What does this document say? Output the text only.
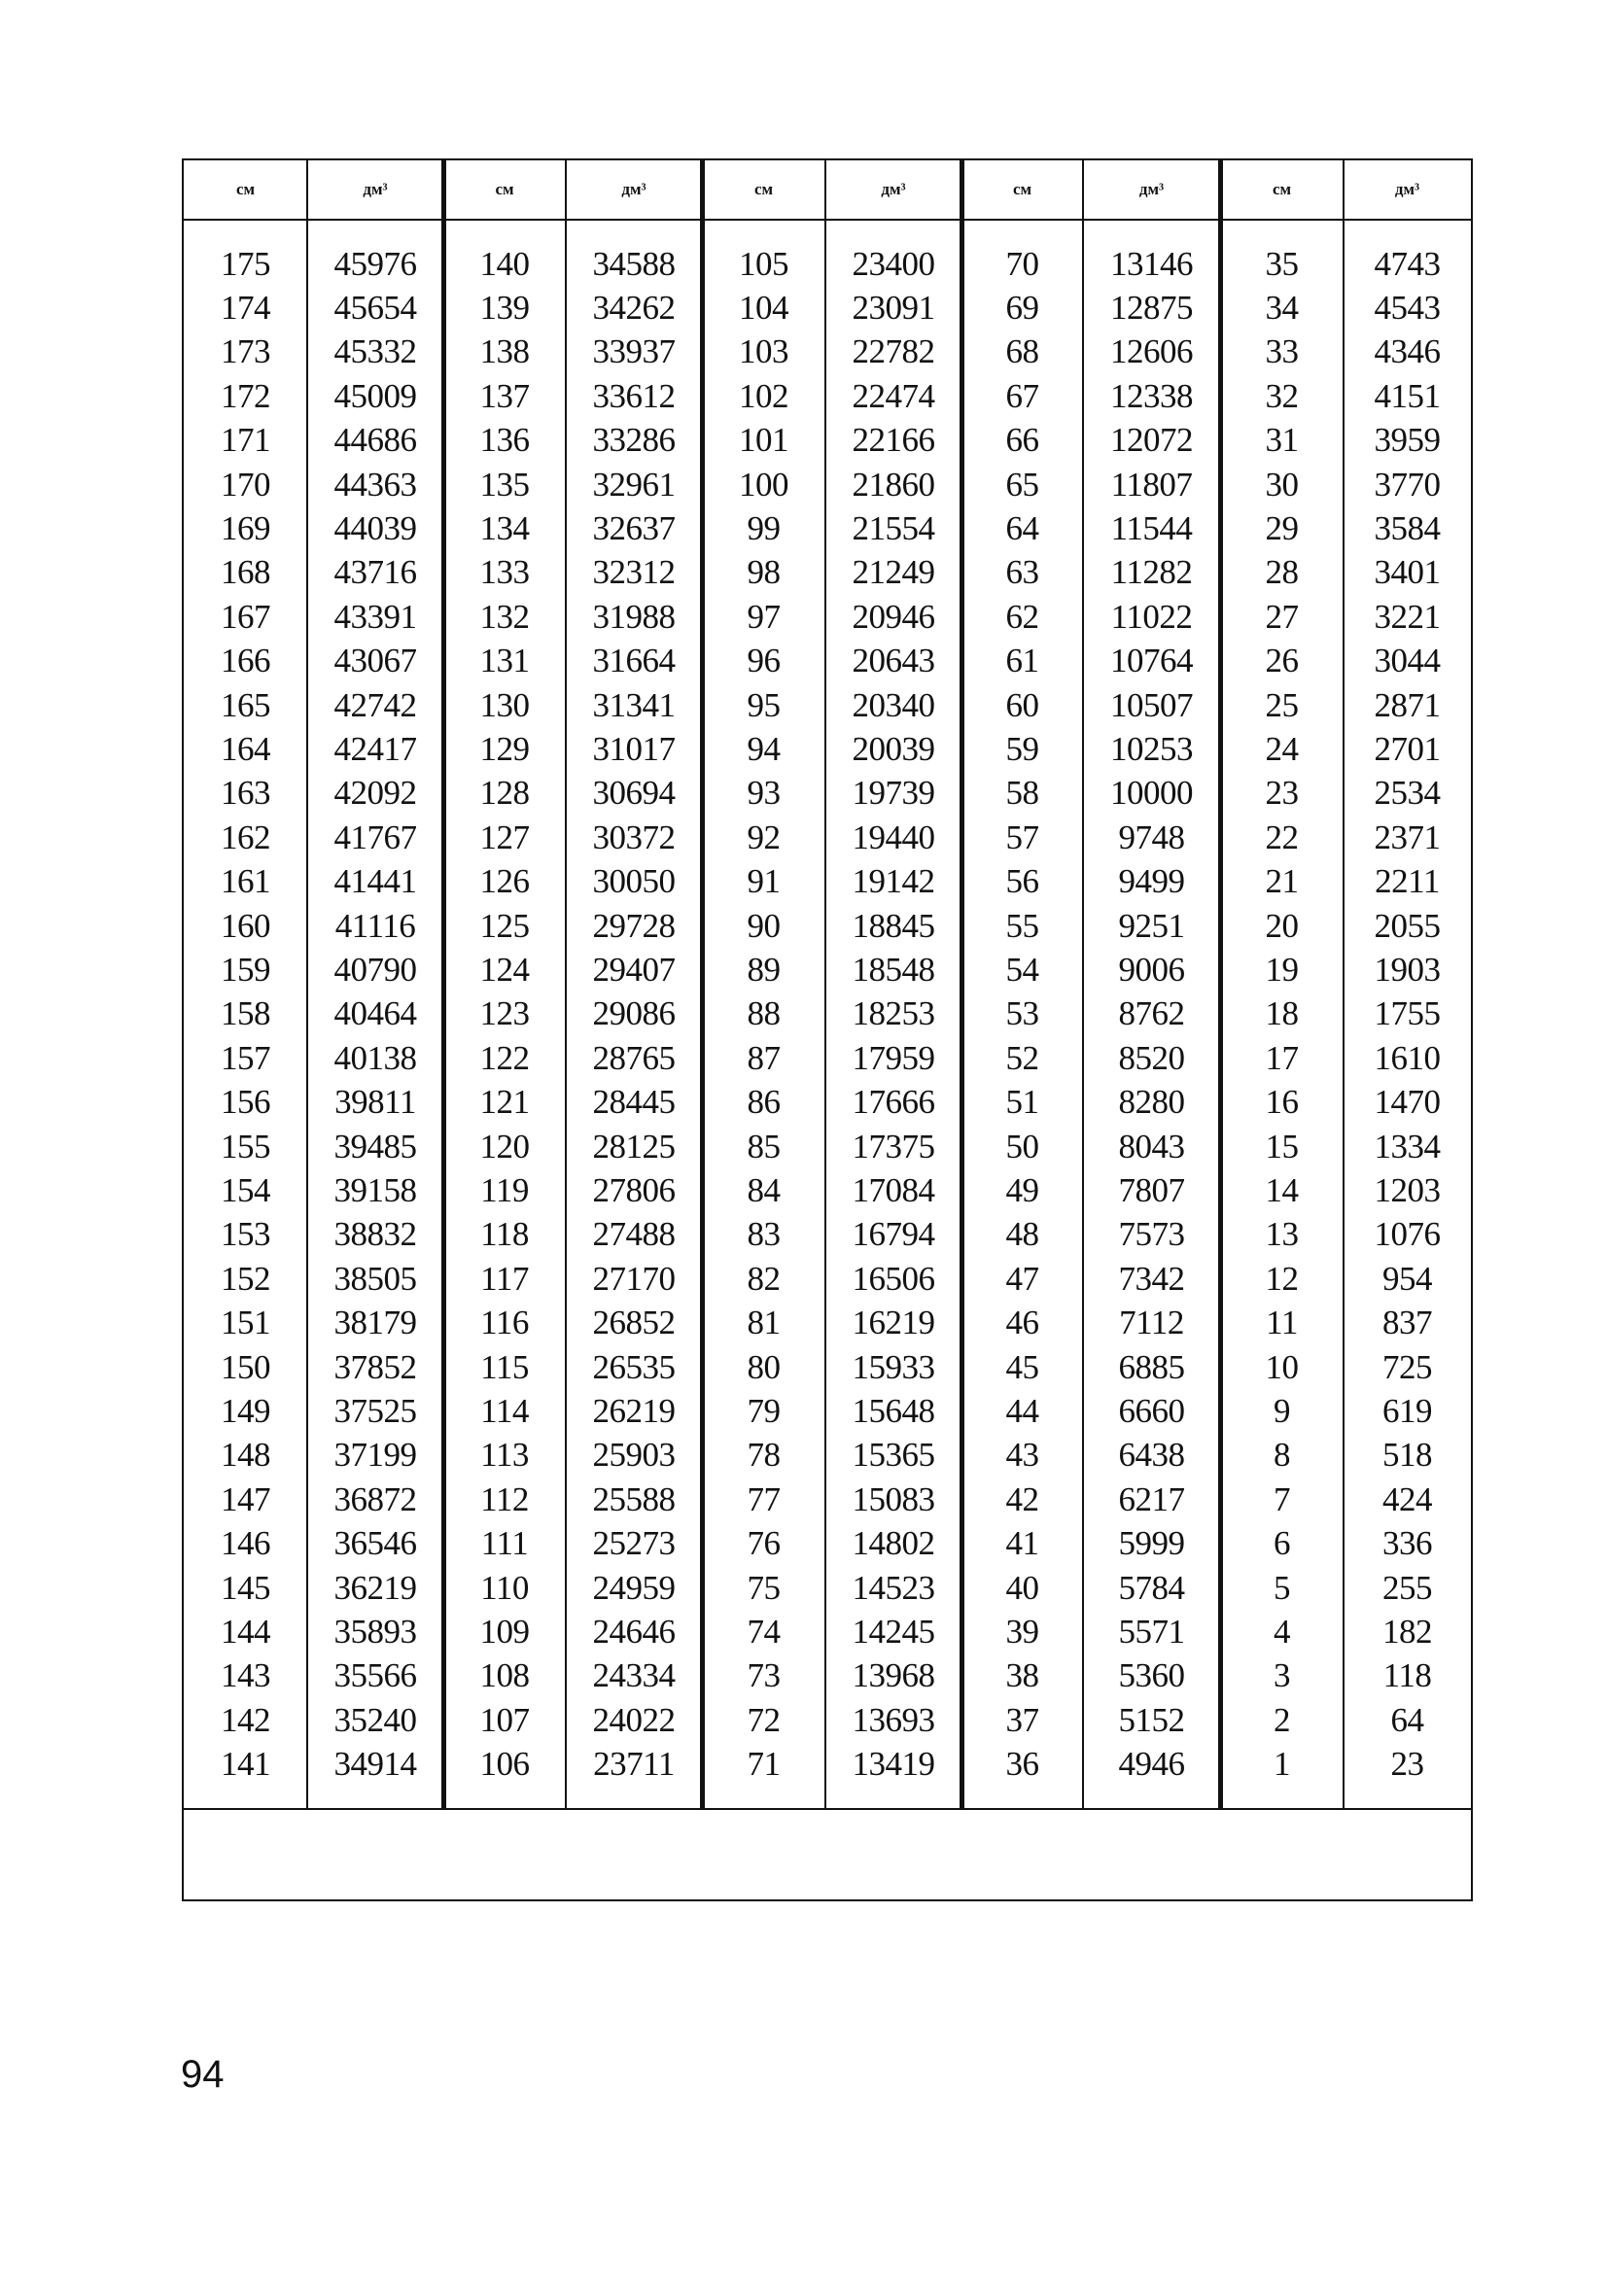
см	дм³	см	дм³	см	дм³	см	дм³	см	дм³
175	45976	140	34588	105	23400	70	13146	35	4743
174	45654	139	34262	104	23091	69	12875	34	4543
173	45332	138	33937	103	22782	68	12606	33	4346
172	45009	137	33612	102	22474	67	12338	32	4151
171	44686	136	33286	101	22166	66	12072	31	3959
170	44363	135	32961	100	21860	65	11807	30	3770
169	44039	134	32637	99	21554	64	11544	29	3584
168	43716	133	32312	98	21249	63	11282	28	3401
167	43391	132	31988	97	20946	62	11022	27	3221
166	43067	131	31664	96	20643	61	10764	26	3044
165	42742	130	31341	95	20340	60	10507	25	2871
164	42417	129	31017	94	20039	59	10253	24	2701
163	42092	128	30694	93	19739	58	10000	23	2534
162	41767	127	30372	92	19440	57	9748	22	2371
161	41441	126	30050	91	19142	56	9499	21	2211
160	41116	125	29728	90	18845	55	9251	20	2055
159	40790	124	29407	89	18548	54	9006	19	1903
158	40464	123	29086	88	18253	53	8762	18	1755
157	40138	122	28765	87	17959	52	8520	17	1610
156	39811	121	28445	86	17666	51	8280	16	1470
155	39485	120	28125	85	17375	50	8043	15	1334
154	39158	119	27806	84	17084	49	7807	14	1203
153	38832	118	27488	83	16794	48	7573	13	1076
152	38505	117	27170	82	16506	47	7342	12	954
151	38179	116	26852	81	16219	46	7112	11	837
150	37852	115	26535	80	15933	45	6885	10	725
149	37525	114	26219	79	15648	44	6660	9	619
148	37199	113	25903	78	15365	43	6438	8	518
147	36872	112	25588	77	15083	42	6217	7	424
146	36546	111	25273	76	14802	41	5999	6	336
145	36219	110	24959	75	14523	40	5784	5	255
144	35893	109	24646	74	14245	39	5571	4	182
143	35566	108	24334	73	13968	38	5360	3	118
142	35240	107	24022	72	13693	37	5152	2	64
141	34914	106	23711	71	13419	36	4946	1	23
94
